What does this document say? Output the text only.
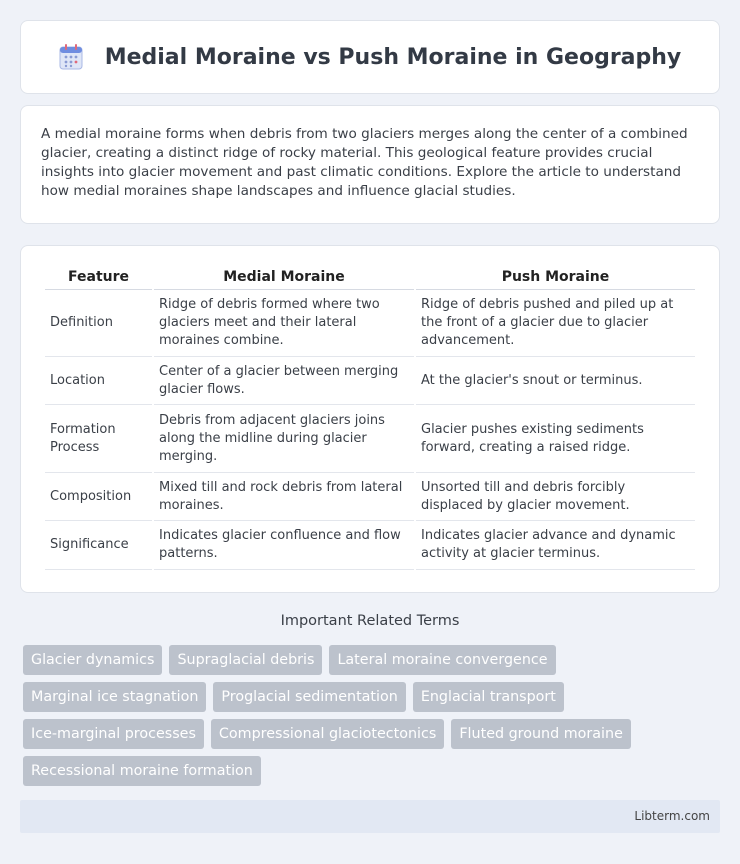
Medial Moraine vs Push Moraine in Geography

A medial moraine forms when debris from two glaciers merges along the center of a combined glacier, creating a distinct ridge of rocky material. This geological feature provides crucial insights into glacier movement and past climatic conditions. Explore the article to understand how medial moraines shape landscapes and influence glacial studies.

Feature	Medial Moraine	Push Moraine
Definition	Ridge of debris formed where two glaciers meet and their lateral moraines combine.	Ridge of debris pushed and piled up at the front of a glacier due to glacier advancement.
Location	Center of a glacier between merging glacier flows.	At the glacier's snout or terminus.
Formation Process	Debris from adjacent glaciers joins along the midline during glacier merging.	Glacier pushes existing sediments forward, creating a raised ridge.
Composition	Mixed till and rock debris from lateral moraines.	Unsorted till and debris forcibly displaced by glacier movement.
Significance	Indicates glacier confluence and flow patterns.	Indicates glacier advance and dynamic activity at glacier terminus.
Important Related Terms
Glacier dynamics	Supraglacial debris	Lateral moraine convergence
Marginal ice stagnation	Proglacial sedimentation	Englacial transport
Ice-marginal processes	Compressional glaciotectonics	Fluted ground moraine
Recessional moraine formation
Libterm.com
